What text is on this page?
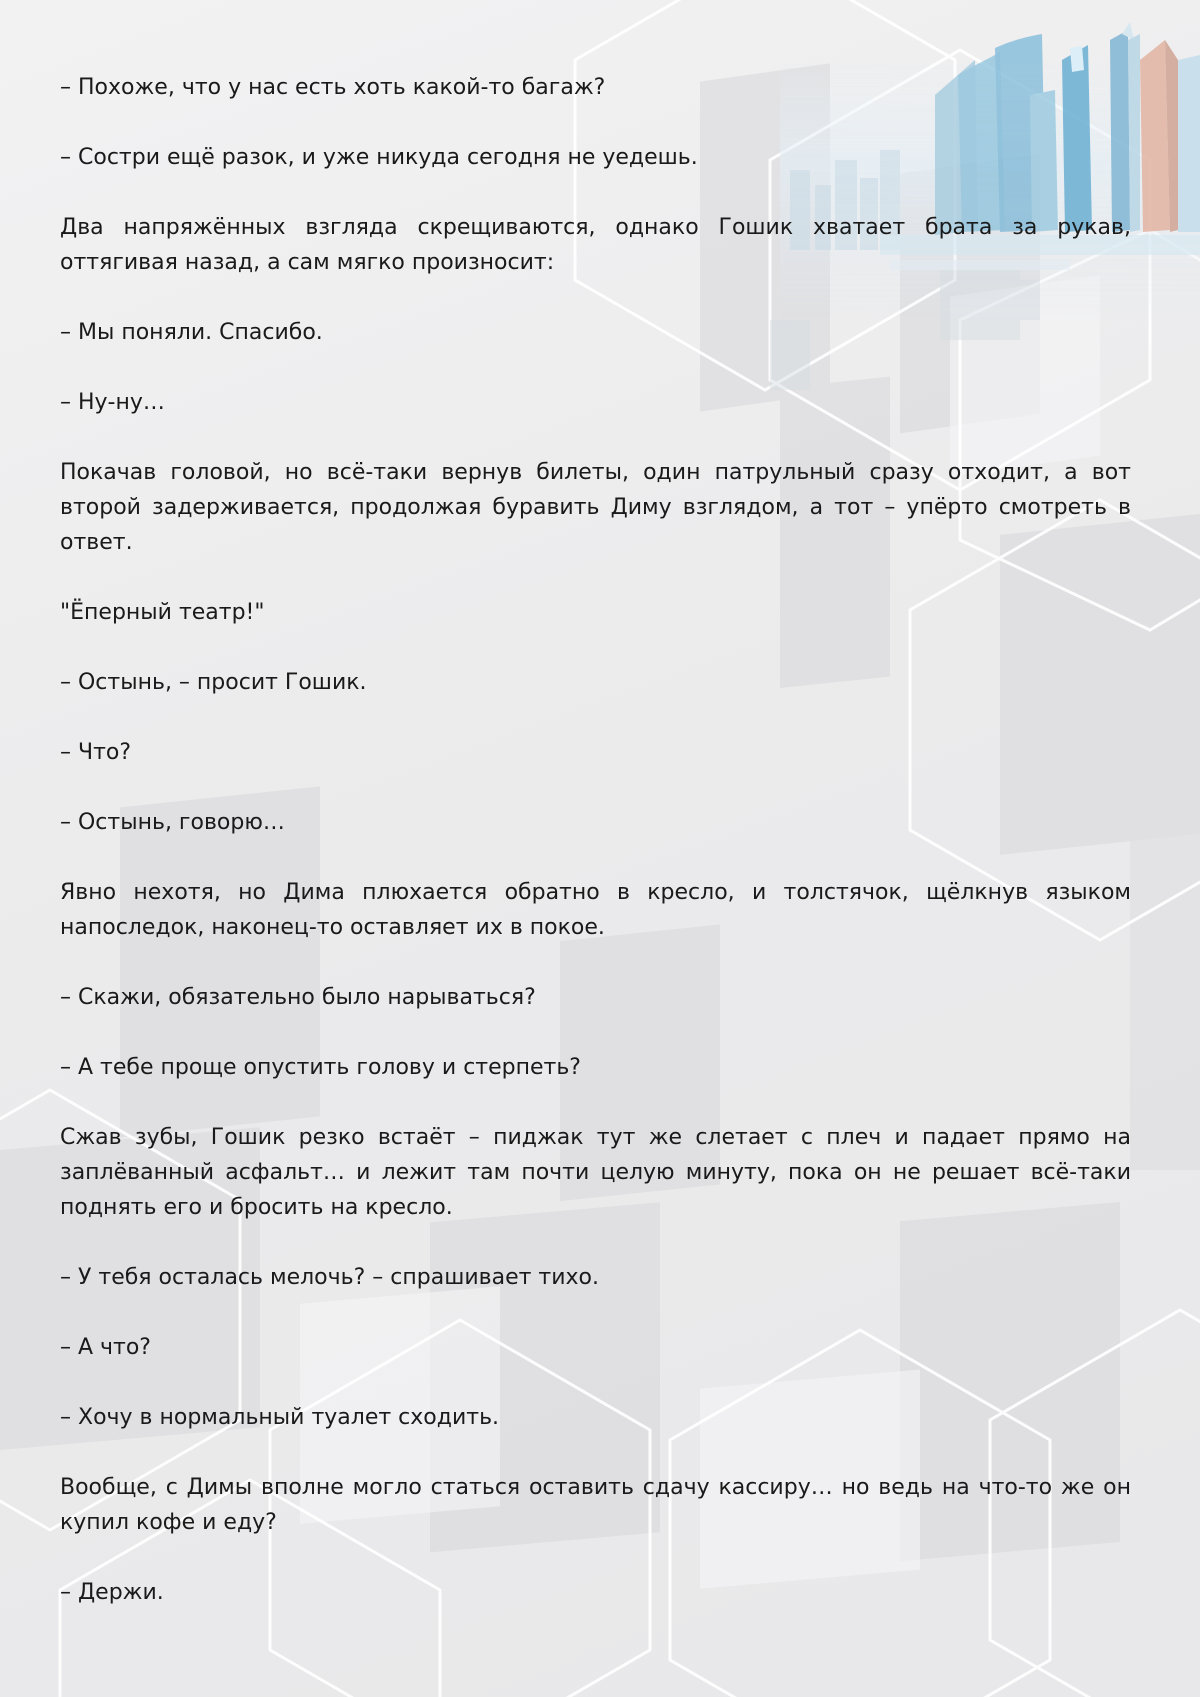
– Похоже, что у нас есть хоть какой-то багаж?

– Состри ещё разок, и уже никуда сегодня не уедешь.

Два напряжённых взгляда скрещиваются, однако Гошик хватает брата за рукав, оттягивая назад, а сам мягко произносит:

– Мы поняли. Спасибо.

– Ну-ну…

Покачав головой, но всё-таки вернув билеты, один патрульный сразу отходит, а вот второй задерживается, продолжая буравить Диму взглядом, а тот – упёрто смотреть в ответ.

"Ёперный театр!"

– Остынь, – просит Гошик.

– Что?

– Остынь, говорю…

Явно нехотя, но Дима плюхается обратно в кресло, и толстячок, щёлкнув языком напоследок, наконец-то оставляет их в покое.

– Скажи, обязательно было нарываться?

– А тебе проще опустить голову и стерпеть?

Сжав зубы, Гошик резко встаёт – пиджак тут же слетает с плеч и падает прямо на заплёванный асфальт… и лежит там почти целую минуту, пока он не решает всё-таки поднять его и бросить на кресло.

– У тебя осталась мелочь? – спрашивает тихо.

– А что?

– Хочу в нормальный туалет сходить.

Вообще, с Димы вполне могло статься оставить сдачу кассиру… но ведь на что-то же он купил кофе и еду?

– Держи.
